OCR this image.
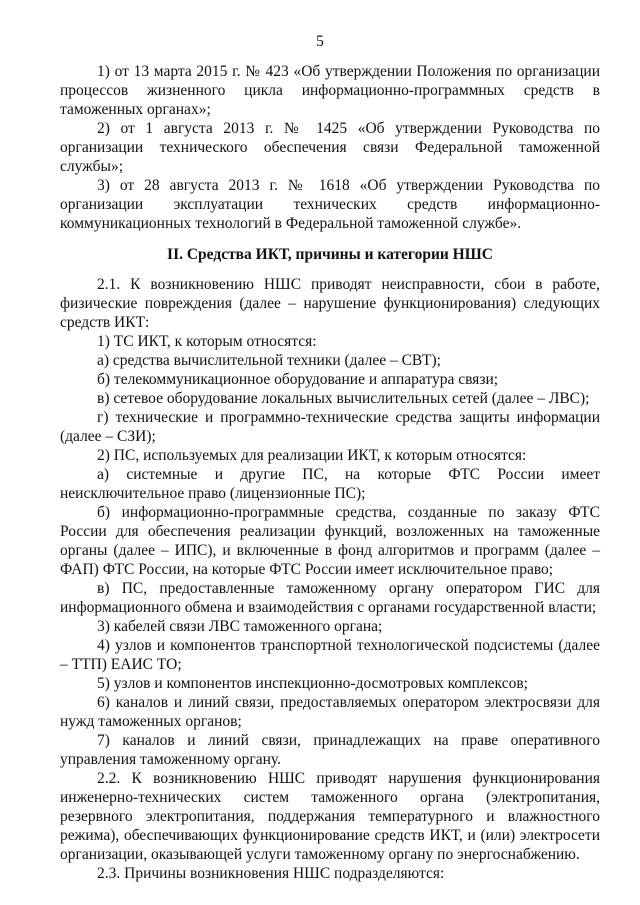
5

1) от 13 марта 2015 г. № 423 «Об утверждении Положения по организации процессов жизненного цикла информационно-программных средств в таможенных органах»;

2) от 1 августа 2013 г. № 1425 «Об утверждении Руководства по организации технического обеспечения связи Федеральной таможенной службы»;

3) от 28 августа 2013 г. № 1618 «Об утверждении Руководства по организации эксплуатации технических средств информационно-коммуникационных технологий в Федеральной таможенной службе».

II. Средства ИКТ, причины и категории НШС

2.1. К возникновению НШС приводят неисправности, сбои в работе, физические повреждения (далее – нарушение функционирования) следующих средств ИКТ:

1) ТС ИКТ, к которым относятся:

а) средства вычислительной техники (далее – СВТ);

б) телекоммуникационное оборудование и аппаратура связи;

в) сетевое оборудование локальных вычислительных сетей (далее – ЛВС);

г) технические и программно-технические средства защиты информации (далее – СЗИ);

2) ПС, используемых для реализации ИКТ, к которым относятся:

а) системные и другие ПС, на которые ФТС России имеет неисключительное право (лицензионные ПС);

б) информационно-программные средства, созданные по заказу ФТС России для обеспечения реализации функций, возложенных на таможенные органы (далее – ИПС), и включенные в фонд алгоритмов и программ (далее – ФАП) ФТС России, на которые ФТС России имеет исключительное право;

в) ПС, предоставленные таможенному органу оператором ГИС для информационного обмена и взаимодействия с органами государственной власти;

3) кабелей связи ЛВС таможенного органа;

4) узлов и компонентов транспортной технологической подсистемы (далее – ТТП) ЕАИС ТО;

5) узлов и компонентов инспекционно-досмотровых комплексов;

6) каналов и линий связи, предоставляемых оператором электросвязи для нужд таможенных органов;

7) каналов и линий связи, принадлежащих на праве оперативного управления таможенному органу.

2.2. К возникновению НШС приводят нарушения функционирования инженерно-технических систем таможенного органа (электропитания, резервного электропитания, поддержания температурного и влажностного режима), обеспечивающих функционирование средств ИКТ, и (или) электросети организации, оказывающей услуги таможенному органу по энергоснабжению.

2.3. Причины возникновения НШС подразделяются:
